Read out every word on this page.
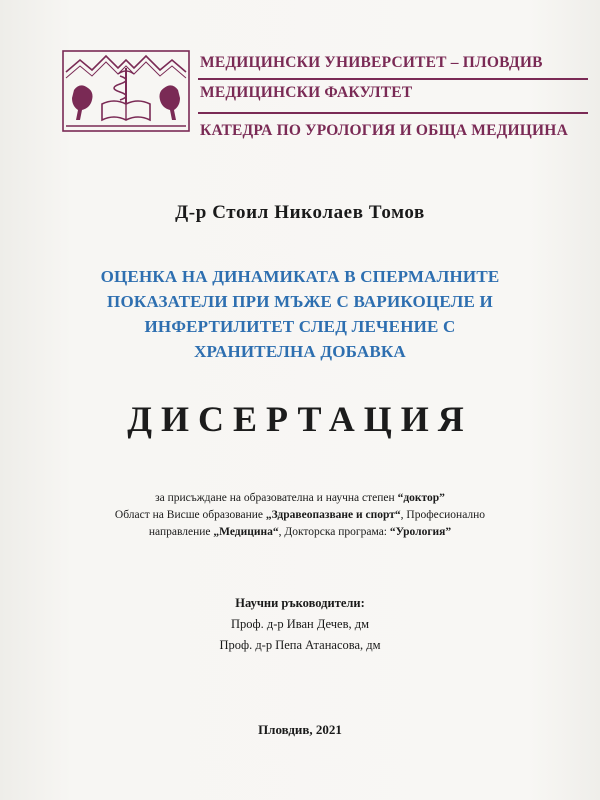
МЕДИЦИНСКИ УНИВЕРСИТЕТ – ПЛОВДИВ
МЕДИЦИНСКИ ФАКУЛТЕТ
КАТЕДРА ПО УРОЛОГИЯ И ОБЩА МЕДИЦИНА
Д-р Стоил Николаев Томов
ОЦЕНКА НА ДИНАМИКАТА В СПЕРМАЛНИТЕ
ПОКАЗАТЕЛИ ПРИ МЪЖЕ С ВАРИКОЦЕЛЕ И
ИНФЕРТИЛИТЕТ СЛЕД ЛЕЧЕНИЕ С
ХРАНИТЕЛНА ДОБАВКА
ДИСЕРТАЦИЯ
за присъждане на образователна и научна степен “доктор”
Област на Висше образование „Здравеопазване и спорт“, Професионално
направление „Медицина“, Докторска програма: “Урология”
Научни ръководители:
Проф. д-р Иван Дечев, дм
Проф. д-р Пепа Атанасова, дм
Пловдив, 2021
